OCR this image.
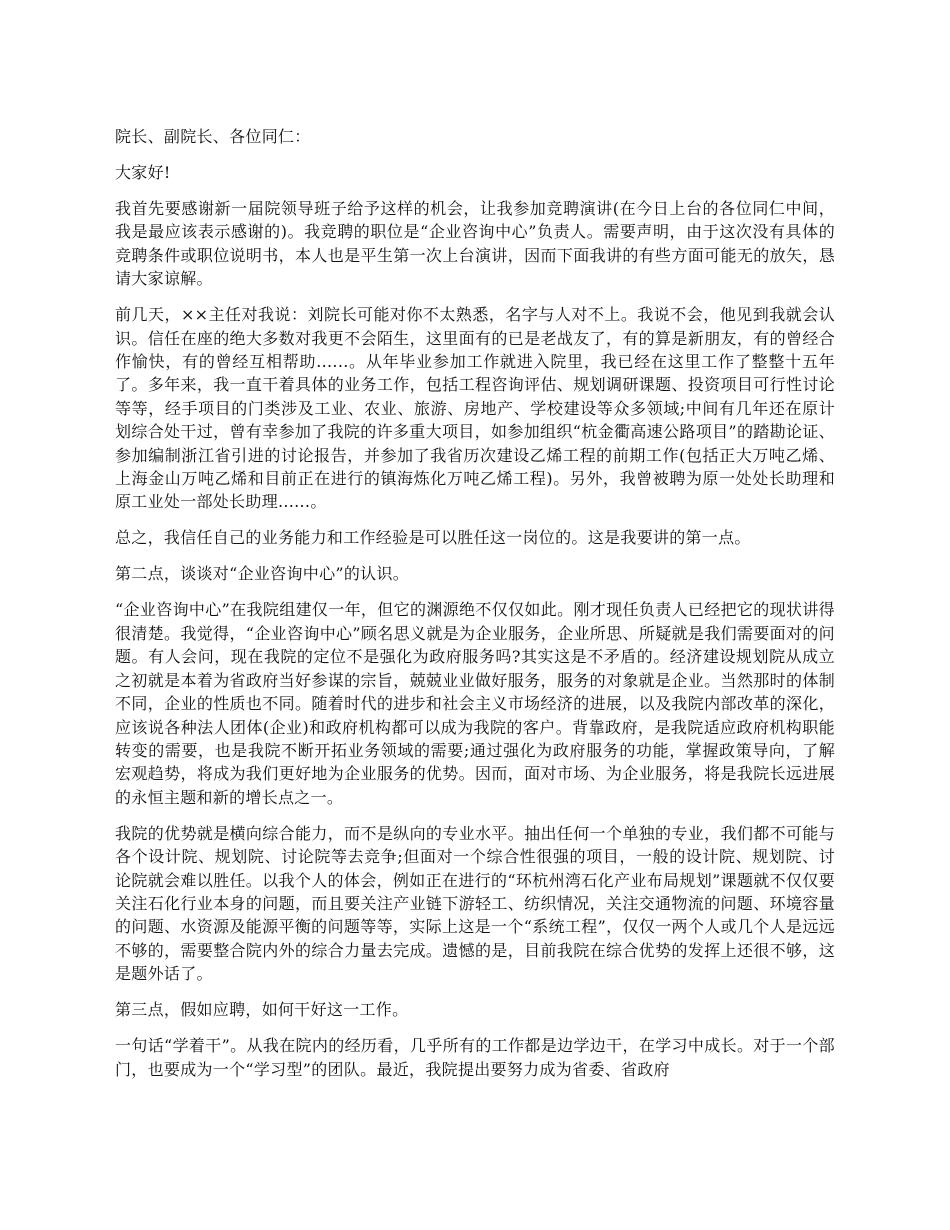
院长、副院长、各位同仁：

大家好!

我首先要感谢新一届院领导班子给予这样的机会，让我参加竞聘演讲(在今日上台的各位同仁中间，我是最应该表示感谢的)。我竞聘的职位是“企业咨询中心”负责人。需要声明，由于这次没有具体的竞聘条件或职位说明书，本人也是平生第一次上台演讲，因而下面我讲的有些方面可能无的放矢，恳请大家谅解。

前几天，××主任对我说：刘院长可能对你不太熟悉，名字与人对不上。我说不会，他见到我就会认识。信任在座的绝大多数对我更不会陌生，这里面有的已是老战友了，有的算是新朋友，有的曾经合作愉快，有的曾经互相帮助......。从年毕业参加工作就进入院里，我已经在这里工作了整整十五年了。多年来，我一直干着具体的业务工作，包括工程咨询评估、规划调研课题、投资项目可行性讨论等等，经手项目的门类涉及工业、农业、旅游、房地产、学校建设等众多领域;中间有几年还在原计划综合处干过，曾有幸参加了我院的许多重大项目，如参加组织“杭金衢高速公路项目”的踏勘论证、参加编制浙江省引进的讨论报告，并参加了我省历次建设乙烯工程的前期工作(包括正大万吨乙烯、上海金山万吨乙烯和目前正在进行的镇海炼化万吨乙烯工程)。另外，我曾被聘为原一处处长助理和原工业处一部处长助理......。

总之，我信任自己的业务能力和工作经验是可以胜任这一岗位的。这是我要讲的第一点。

第二点，谈谈对“企业咨询中心”的认识。

“企业咨询中心”在我院组建仅一年，但它的渊源绝不仅仅如此。刚才现任负责人已经把它的现状讲得很清楚。我觉得，“企业咨询中心”顾名思义就是为企业服务，企业所思、所疑就是我们需要面对的问题。有人会问，现在我院的定位不是强化为政府服务吗?其实这是不矛盾的。经济建设规划院从成立之初就是本着为省政府当好参谋的宗旨，兢兢业业做好服务，服务的对象就是企业。当然那时的体制不同，企业的性质也不同。随着时代的进步和社会主义市场经济的进展，以及我院内部改革的深化，应该说各种法人团体(企业)和政府机构都可以成为我院的客户。背靠政府，是我院适应政府机构职能转变的需要，也是我院不断开拓业务领域的需要;通过强化为政府服务的功能，掌握政策导向，了解宏观趋势，将成为我们更好地为企业服务的优势。因而，面对市场、为企业服务，将是我院长远进展的永恒主题和新的增长点之一。

我院的优势就是横向综合能力，而不是纵向的专业水平。抽出任何一个单独的专业，我们都不可能与各个设计院、规划院、讨论院等去竞争;但面对一个综合性很强的项目，一般的设计院、规划院、讨论院就会难以胜任。以我个人的体会，例如正在进行的“环杭州湾石化产业布局规划”课题就不仅仅要关注石化行业本身的问题，而且要关注产业链下游轻工、纺织情况，关注交通物流的问题、环境容量的问题、水资源及能源平衡的问题等等，实际上这是一个“系统工程”，仅仅一两个人或几个人是远远不够的，需要整合院内外的综合力量去完成。遗憾的是，目前我院在综合优势的发挥上还很不够，这是题外话了。

第三点，假如应聘，如何干好这一工作。

一句话“学着干”。从我在院内的经历看，几乎所有的工作都是边学边干，在学习中成长。对于一个部门，也要成为一个“学习型”的团队。最近，我院提出要努力成为省委、省政府
